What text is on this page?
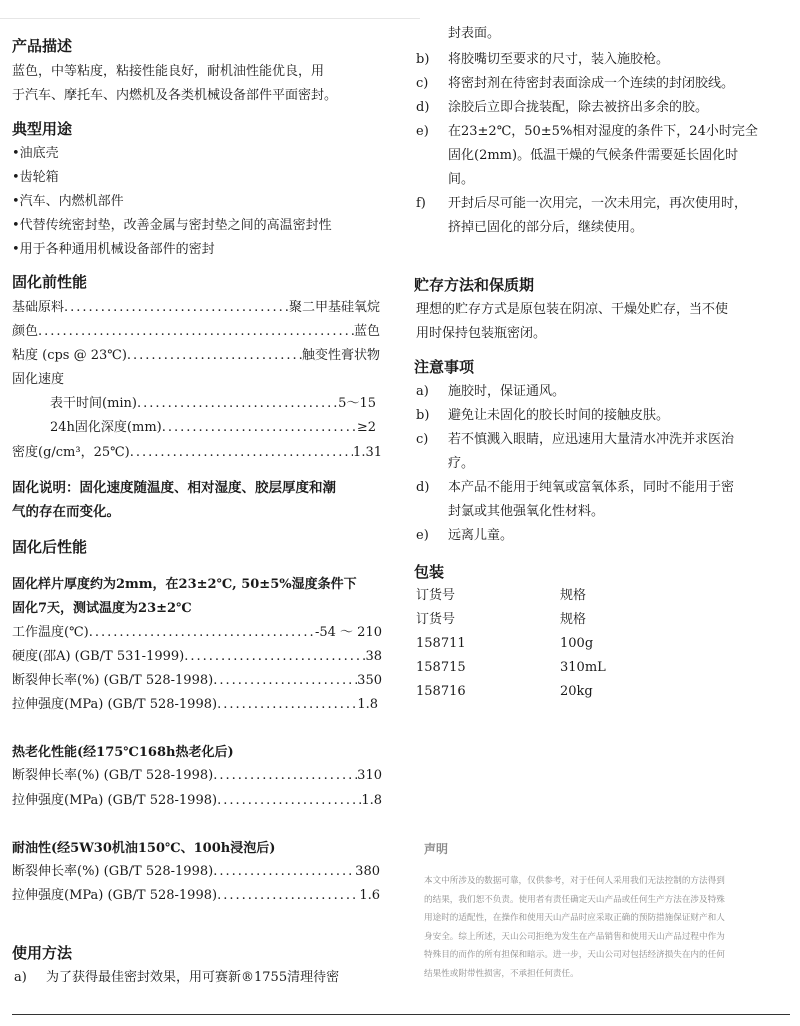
产品描述
蓝色，中等粘度，粘接性能良好，耐机油性能优良，用
于汽车、摩托车、内燃机及各类机械设备部件平面密封。
典型用途
•油底壳
•齿轮箱
•汽车、内燃机部件
•代替传统密封垫，改善金属与密封垫之间的高温密封性
•用于各种通用机械设备部件的密封
固化前性能
基础原料 .....	聚二甲基硅氧烷
颜色 .....	蓝色
粘度 (cps @ 23℃) .....	触变性膏状物
固化速度
表干时间(min) .....	5～15
24h固化深度(mm) .....	≥2
密度(g/cm³，25℃) .....	1.31
固化说明：固化速度随温度、相对湿度、胶层厚度和潮
气的存在而变化。
固化后性能
固化样片厚度约为2mm，在23±2℃, 50±5%湿度条件下
固化7天，测试温度为23±2℃
工作温度(℃) .....	-54 ～ 210
硬度(邵A) (GB/T 531-1999) .....	38
断裂伸长率(%) (GB/T 528-1998) .....	350
拉伸强度(MPa) (GB/T 528-1998) .....	1.8
热老化性能(经175℃168h热老化后)
断裂伸长率(%) (GB/T 528-1998) .....	310
拉伸强度(MPa) (GB/T 528-1998) .....	1.8
耐油性(经5W30机油150℃、100h浸泡后)
断裂伸长率(%) (GB/T 528-1998) .....	380
拉伸强度(MPa) (GB/T 528-1998) .....	1.6
使用方法
a) 为了获得最佳密封效果，用可赛新®1755清理待密
封表面。
b) 将胶嘴切至要求的尺寸，装入施胶枪。
c) 将密封剂在待密封表面涂成一个连续的封闭胶线。
d) 涂胶后立即合拢装配，除去被挤出多余的胶。
e) 在23±2℃，50±5%相对湿度的条件下，24小时完全
固化(2mm)。低温干燥的气候条件需要延长固化时
间。
f) 开封后尽可能一次用完，一次未用完，再次使用时，
挤掉已固化的部分后，继续使用。
贮存方法和保质期
理想的贮存方式是原包装在阴凉、干燥处贮存，当不使
用时保持包装瓶密闭。
注意事项
a) 施胶时，保证通风。
b) 避免让未固化的胶长时间的接触皮肤。
c) 若不慎溅入眼睛，应迅速用大量清水冲洗并求医治
疗。
d) 本产品不能用于纯氧或富氧体系，同时不能用于密
封氯或其他强氧化性材料。
e) 远离儿童。
包装
订货号	规格
订货号	规格
158711	100g
158715	310mL
158716	20kg
声明
本文中所涉及的数据可靠，仅供参考，对于任何人采用我们无法控制的方法得到
的结果，我们恕不负责。使用者有责任确定天山产品或任何生产方法在涉及特殊
用途时的适配性，在操作和使用天山产品时应采取正确的预防措施保证财产和人
身安全。综上所述，天山公司拒绝为发生在产品销售和使用天山产品过程中作为
特殊目的而作的所有担保和暗示。进一步，天山公司对包括经济损失在内的任何
结果性或附带性损害，不承担任何责任。
